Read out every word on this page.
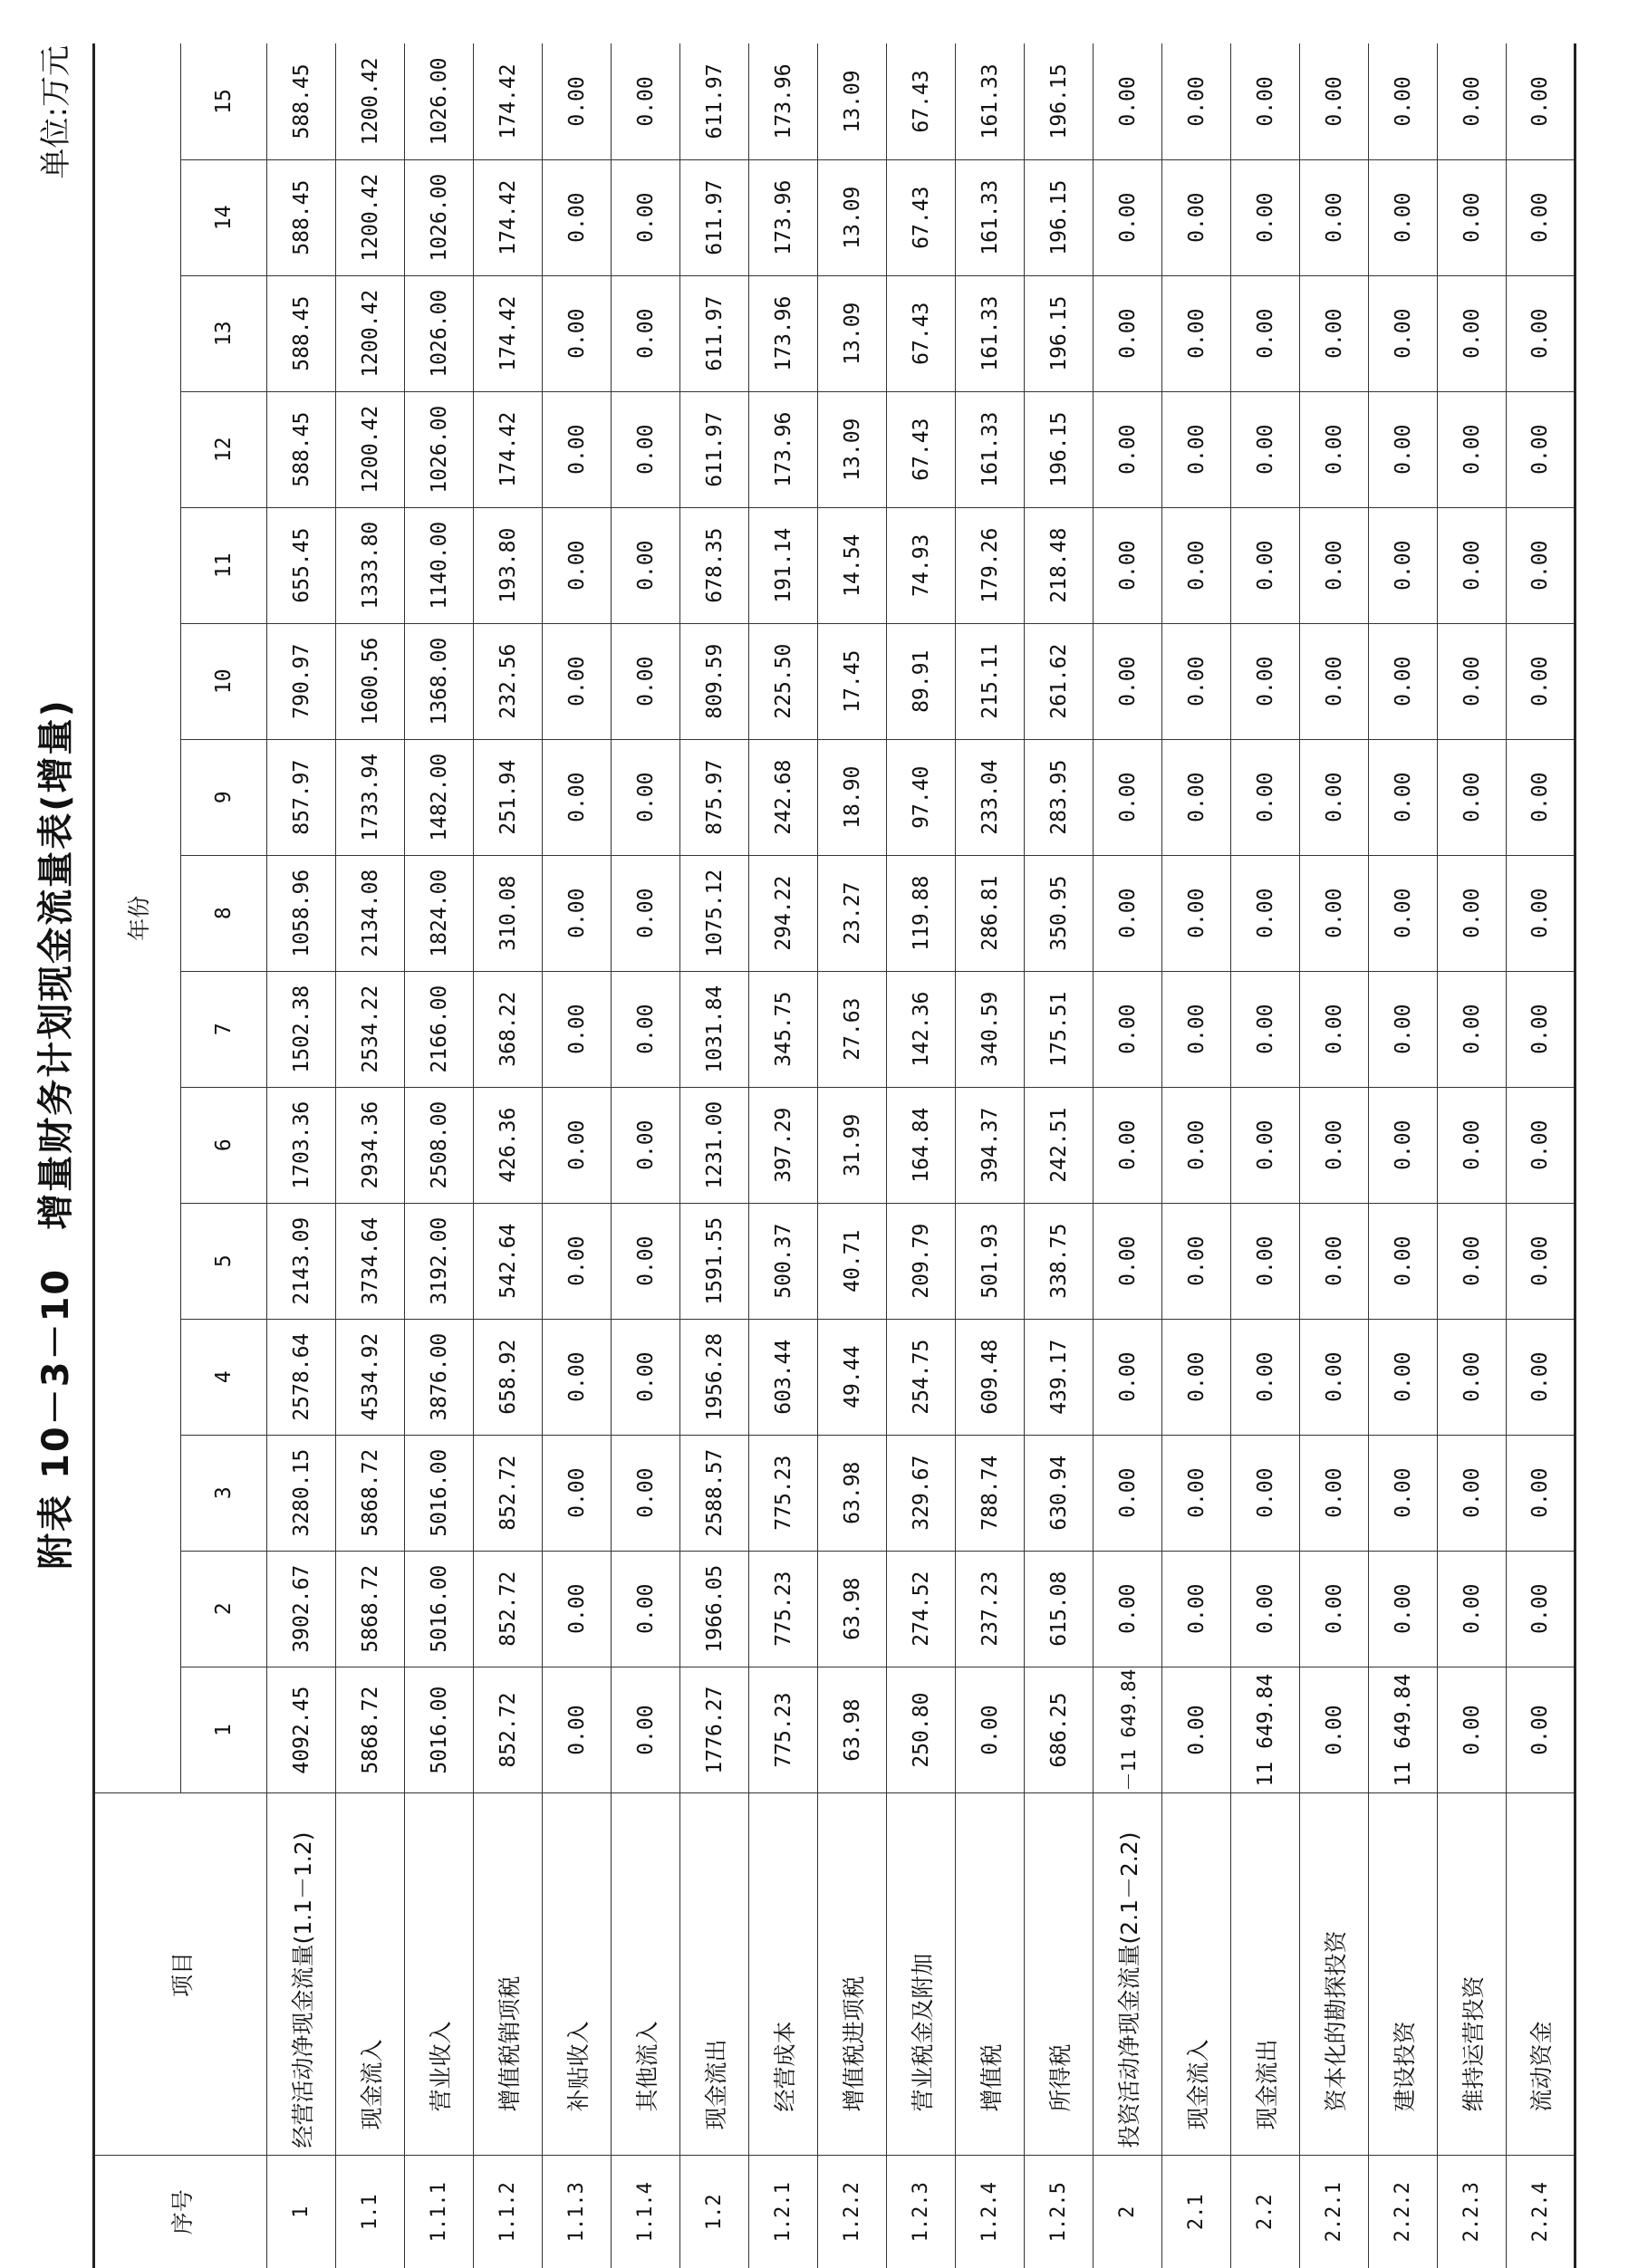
附表 10－3－10　增量财务计划现金流量表(增量)
单位:万元
序号	项目	年份														
		1	2	3	4	5	6	7	8	9	10	11	12	13	14	15
1	经营活动净现金流量(1.1－1.2)	4092.45	3902.67	3280.15	2578.64	2143.09	1703.36	1502.38	1058.96	857.97	790.97	655.45	588.45	588.45	588.45	588.45
1.1	现金流入	5868.72	5868.72	5868.72	4534.92	3734.64	2934.36	2534.22	2134.08	1733.94	1600.56	1333.80	1200.42	1200.42	1200.42	1200.42
1.1.1	营业收入	5016.00	5016.00	5016.00	3876.00	3192.00	2508.00	2166.00	1824.00	1482.00	1368.00	1140.00	1026.00	1026.00	1026.00	1026.00
1.1.2	增值税销项税	852.72	852.72	852.72	658.92	542.64	426.36	368.22	310.08	251.94	232.56	193.80	174.42	174.42	174.42	174.42
1.1.3	补贴收入	0.00	0.00	0.00	0.00	0.00	0.00	0.00	0.00	0.00	0.00	0.00	0.00	0.00	0.00	0.00
1.1.4	其他流入	0.00	0.00	0.00	0.00	0.00	0.00	0.00	0.00	0.00	0.00	0.00	0.00	0.00	0.00	0.00
1.2	现金流出	1776.27	1966.05	2588.57	1956.28	1591.55	1231.00	1031.84	1075.12	875.97	809.59	678.35	611.97	611.97	611.97	611.97
1.2.1	经营成本	775.23	775.23	775.23	603.44	500.37	397.29	345.75	294.22	242.68	225.50	191.14	173.96	173.96	173.96	173.96
1.2.2	增值税进项税	63.98	63.98	63.98	49.44	40.71	31.99	27.63	23.27	18.90	17.45	14.54	13.09	13.09	13.09	13.09
1.2.3	营业税金及附加	250.80	274.52	329.67	254.75	209.79	164.84	142.36	119.88	97.40	89.91	74.93	67.43	67.43	67.43	67.43
1.2.4	增值税	0.00	237.23	788.74	609.48	501.93	394.37	340.59	286.81	233.04	215.11	179.26	161.33	161.33	161.33	161.33
1.2.5	所得税	686.25	615.08	630.94	439.17	338.75	242.51	175.51	350.95	283.95	261.62	218.48	196.15	196.15	196.15	196.15
2	投资活动净现金流量(2.1－2.2)	－11 649.84	0.00	0.00	0.00	0.00	0.00	0.00	0.00	0.00	0.00	0.00	0.00	0.00	0.00	0.00
2.1	现金流入	0.00	0.00	0.00	0.00	0.00	0.00	0.00	0.00	0.00	0.00	0.00	0.00	0.00	0.00	0.00
2.2	现金流出	11 649.84	0.00	0.00	0.00	0.00	0.00	0.00	0.00	0.00	0.00	0.00	0.00	0.00	0.00	0.00
2.2.1	资本化的勘探投资	0.00	0.00	0.00	0.00	0.00	0.00	0.00	0.00	0.00	0.00	0.00	0.00	0.00	0.00	0.00
2.2.2	建设投资	11 649.84	0.00	0.00	0.00	0.00	0.00	0.00	0.00	0.00	0.00	0.00	0.00	0.00	0.00	0.00
2.2.3	维持运营投资	0.00	0.00	0.00	0.00	0.00	0.00	0.00	0.00	0.00	0.00	0.00	0.00	0.00	0.00	0.00
2.2.4	流动资金	0.00	0.00	0.00	0.00	0.00	0.00	0.00	0.00	0.00	0.00	0.00	0.00	0.00	0.00	0.00
